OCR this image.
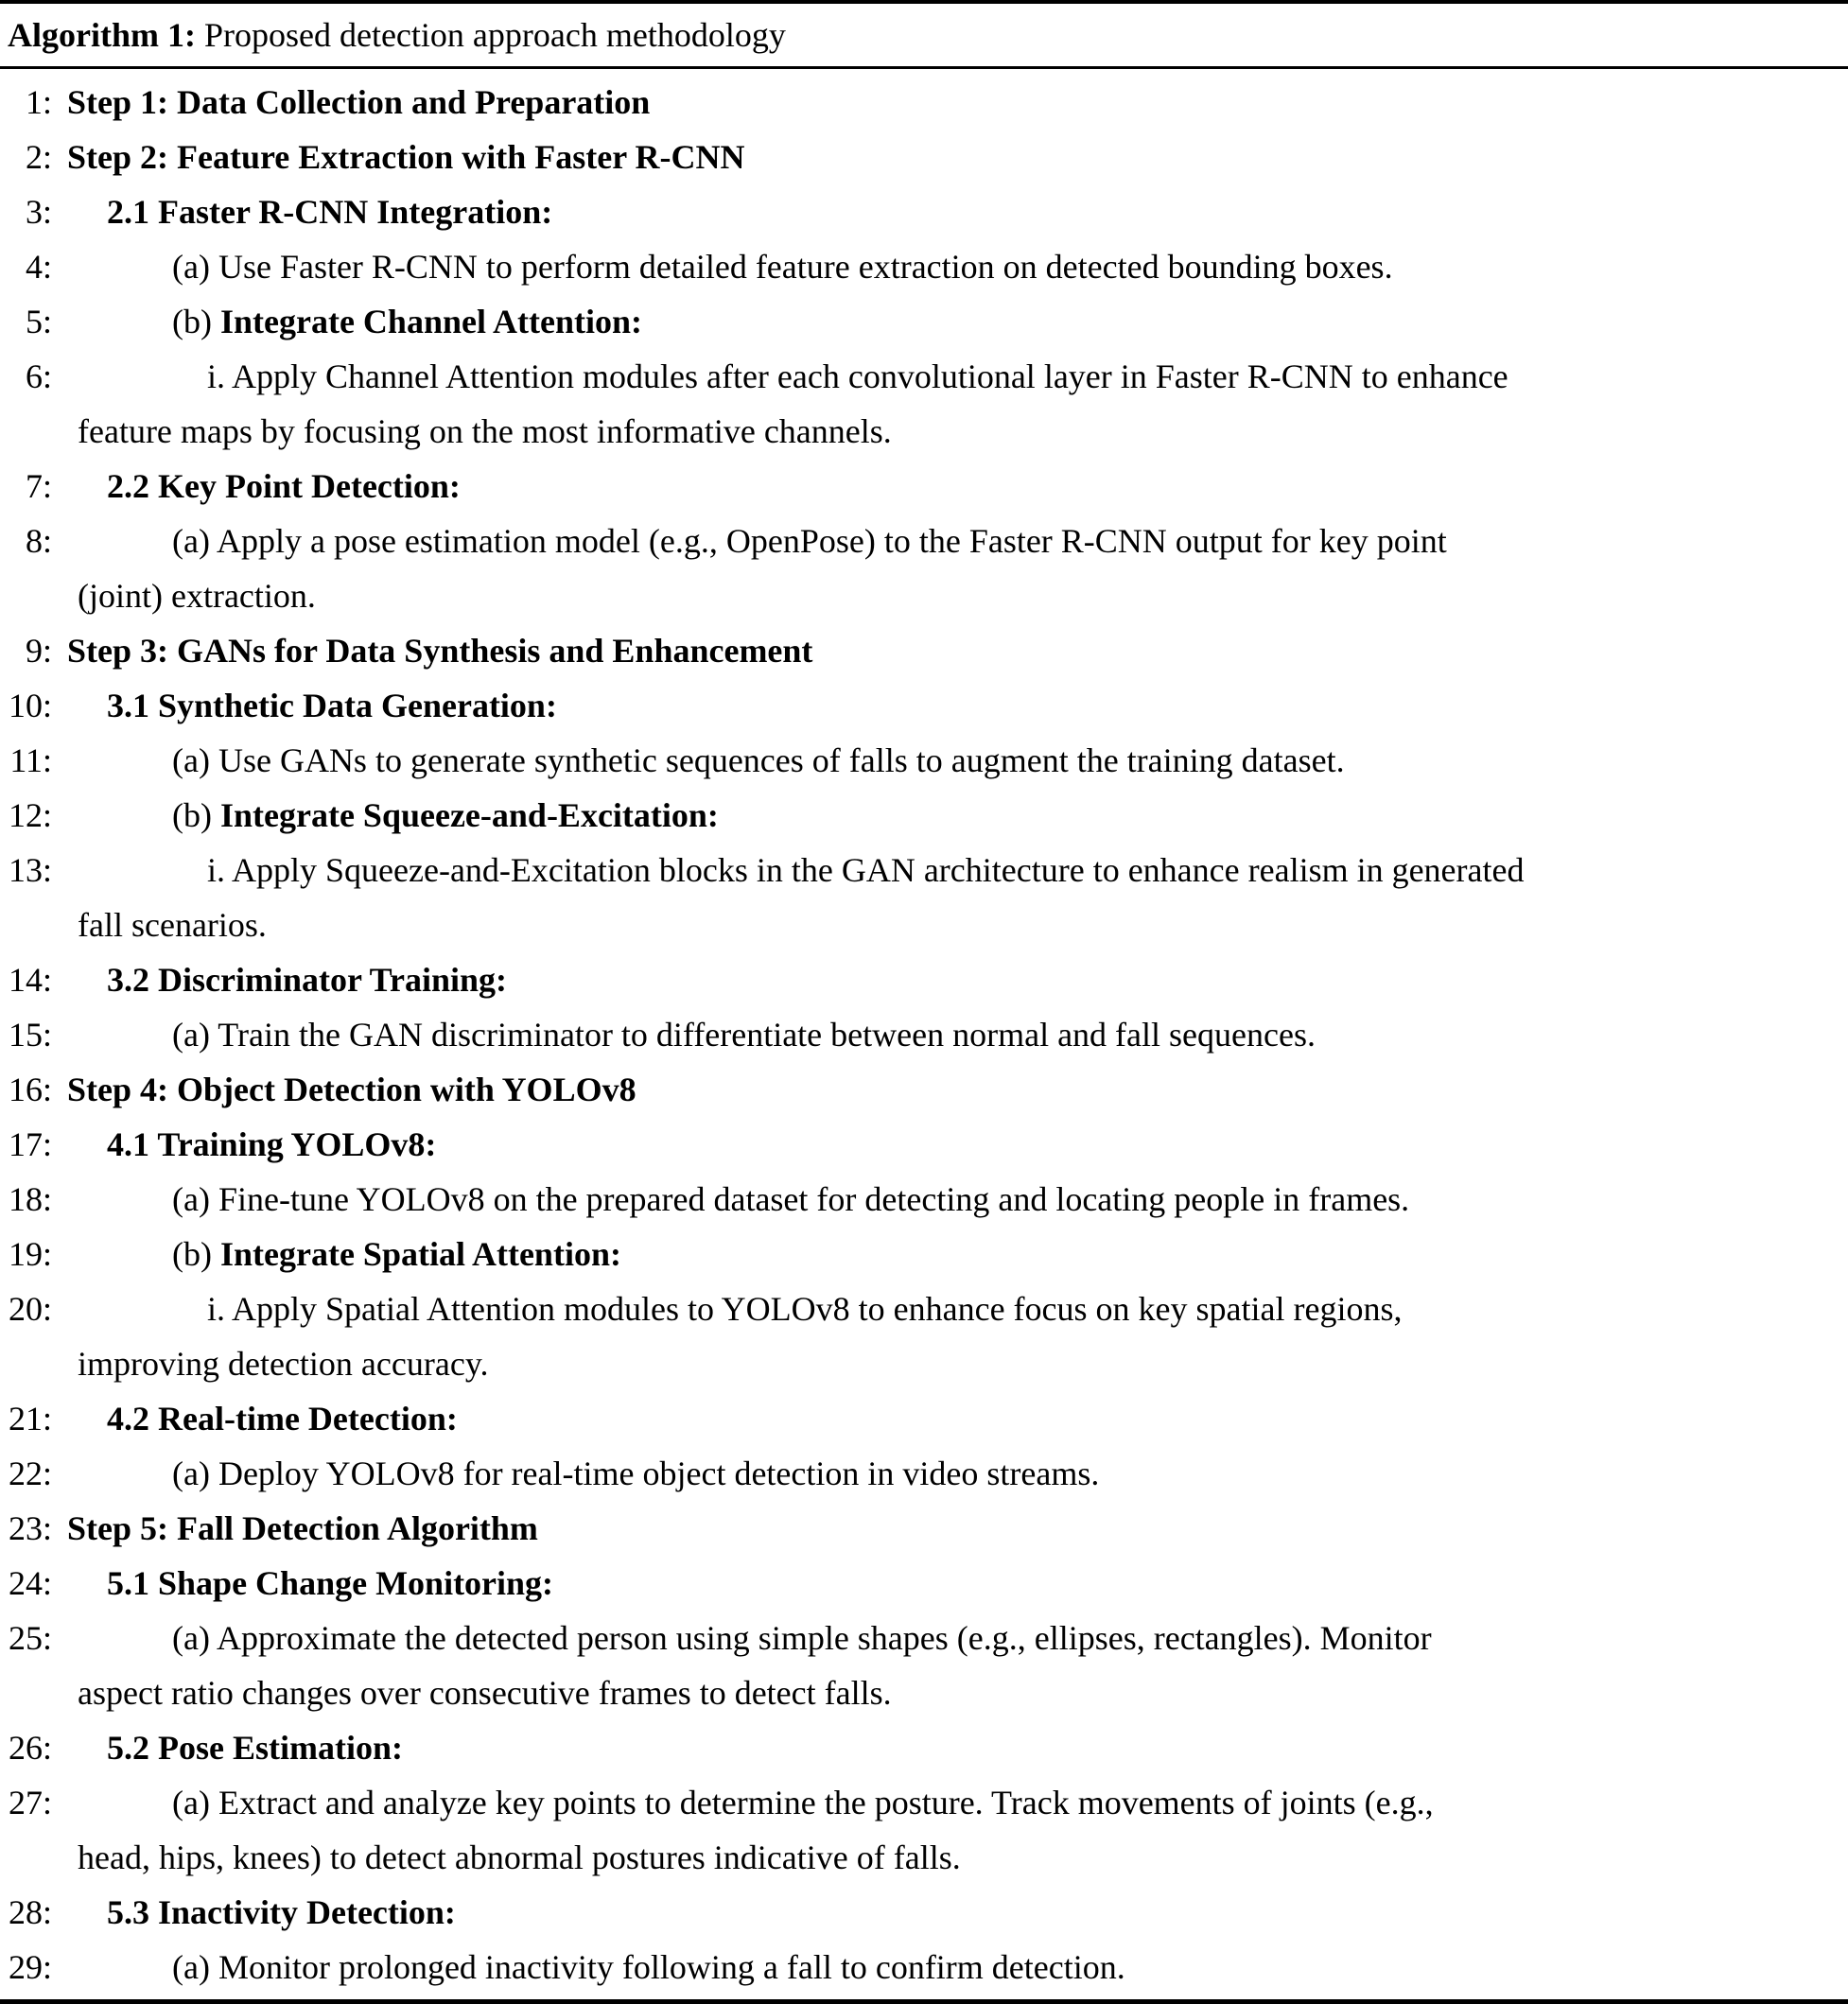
Algorithm 1: Proposed detection approach methodology
1: Step 1: Data Collection and Preparation
2: Step 2: Feature Extraction with Faster R-CNN
3: 2.1 Faster R-CNN Integration:
4:	(a) Use Faster R-CNN to perform detailed feature extraction on detected bounding boxes.
5:	(b) Integrate Channel Attention:
6:	i. Apply Channel Attention modules after each convolutional layer in Faster R-CNN to enhance
feature maps by focusing on the most informative channels.
7: 2.2 Key Point Detection:
8:	(a) Apply a pose estimation model (e.g., OpenPose) to the Faster R-CNN output for key point
(joint) extraction.
9: Step 3: GANs for Data Synthesis and Enhancement
10: 3.1 Synthetic Data Generation:
11:	(a) Use GANs to generate synthetic sequences of falls to augment the training dataset.
12:	(b) Integrate Squeeze-and-Excitation:
13:	i. Apply Squeeze-and-Excitation blocks in the GAN architecture to enhance realism in generated
fall scenarios.
14: 3.2 Discriminator Training:
15:	(a) Train the GAN discriminator to differentiate between normal and fall sequences.
16: Step 4: Object Detection with YOLOv8
17: 4.1 Training YOLOv8:
18:	(a) Fine-tune YOLOv8 on the prepared dataset for detecting and locating people in frames.
19:	(b) Integrate Spatial Attention:
20:	i. Apply Spatial Attention modules to YOLOv8 to enhance focus on key spatial regions,
improving detection accuracy.
21: 4.2 Real-time Detection:
22:	(a) Deploy YOLOv8 for real-time object detection in video streams.
23: Step 5: Fall Detection Algorithm
24: 5.1 Shape Change Monitoring:
25:	(a) Approximate the detected person using simple shapes (e.g., ellipses, rectangles). Monitor
aspect ratio changes over consecutive frames to detect falls.
26: 5.2 Pose Estimation:
27:	(a) Extract and analyze key points to determine the posture. Track movements of joints (e.g.,
head, hips, knees) to detect abnormal postures indicative of falls.
28: 5.3 Inactivity Detection:
29:	(a) Monitor prolonged inactivity following a fall to confirm detection.
